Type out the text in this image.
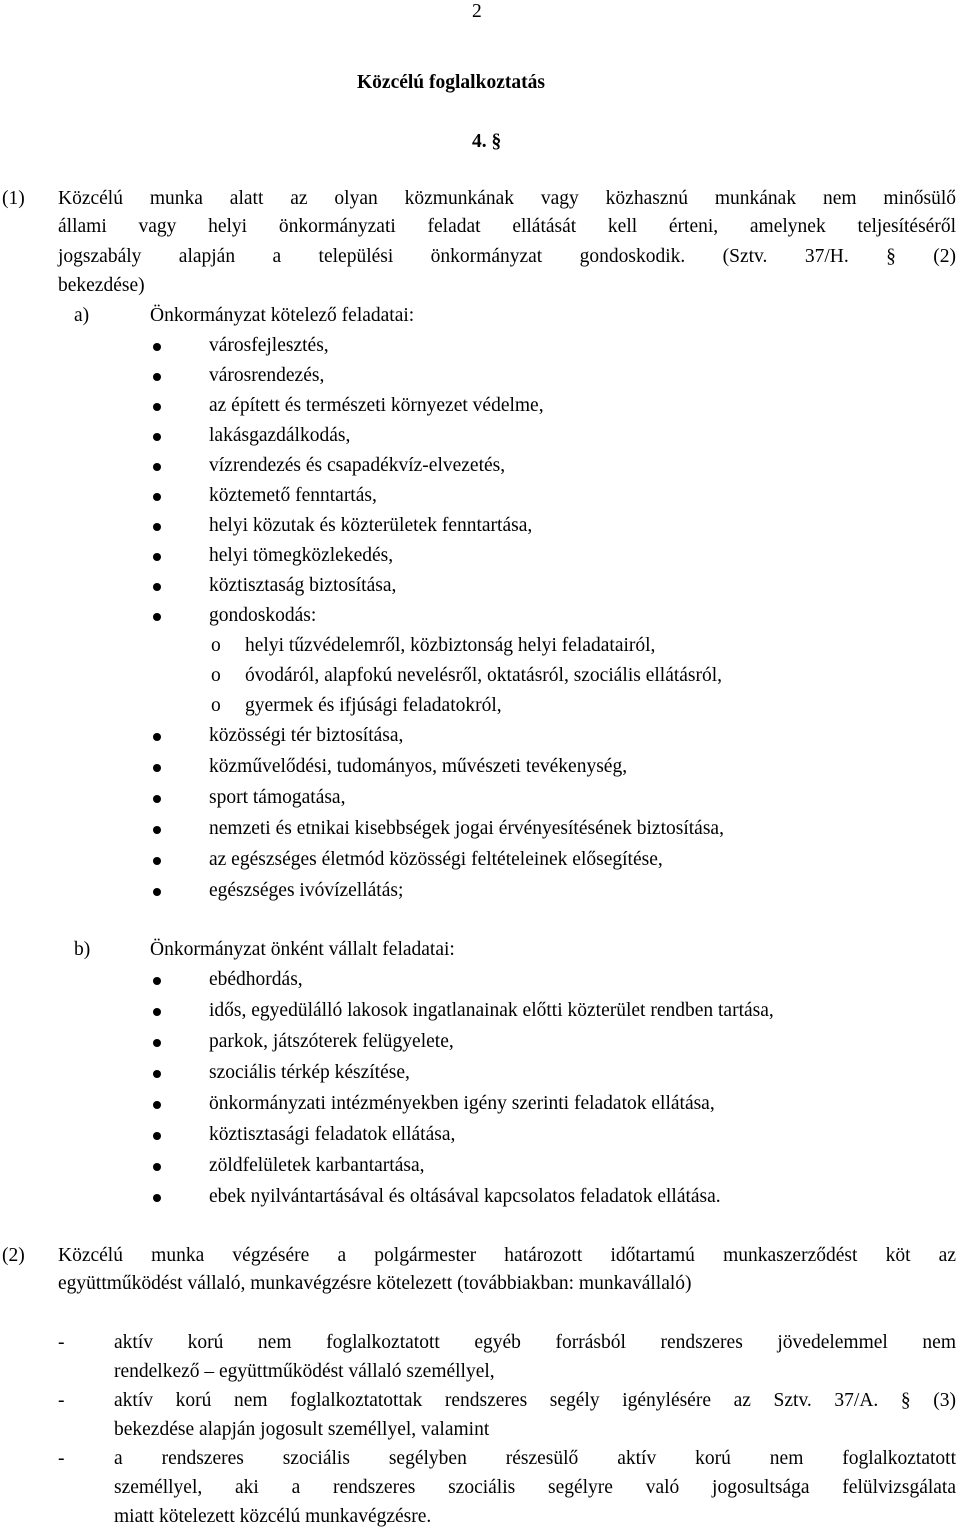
2
Közcélú foglalkoztatás
4. §
(1) Közcélú munka alatt az olyan közmunkának vagy közhasznú munkának nem minősülő
állami vagy helyi önkormányzati feladat ellátását kell érteni, amelynek teljesítéséről
jogszabály alapján a települési önkormányzat gondoskodik. (Sztv. 37/H. § (2)
bekezdése)
a)	Önkormányzat kötelező feladatai:
városfejlesztés,
városrendezés,
az épített és természeti környezet védelme,
lakásgazdálkodás,
vízrendezés és csapadékvíz-elvezetés,
köztemető fenntartás,
helyi közutak és közterületek fenntartása,
helyi tömegközlekedés,
köztisztaság biztosítása,
gondoskodás:
o helyi tűzvédelemről, közbiztonság helyi feladatairól,
o óvodáról, alapfokú nevelésről, oktatásról, szociális ellátásról,
o gyermek és ifjúsági feladatokról,
közösségi tér biztosítása,
közművelődési, tudományos, művészeti tevékenység,
sport támogatása,
nemzeti és etnikai kisebbségek jogai érvényesítésének biztosítása,
az egészséges életmód közösségi feltételeinek elősegítése,
egészséges ivóvízellátás;
b)	Önkormányzat önként vállalt feladatai:
ebédhordás,
idős, egyedülálló lakosok ingatlanainak előtti közterület rendben tartása,
parkok, játszóterek felügyelete,
szociális térkép készítése,
önkormányzati intézményekben igény szerinti feladatok ellátása,
köztisztasági feladatok ellátása,
zöldfelületek karbantartása,
ebek nyilvántartásával és oltásával kapcsolatos feladatok ellátása.
(2) Közcélú munka végzésére a polgármester határozott időtartamú munkaszerződést köt az
együttműködést vállaló, munkavégzésre kötelezett (továbbiakban: munkavállaló)
-	aktív korú nem foglalkoztatott egyéb forrásból rendszeres jövedelemmel nem
rendelkező – együttműködést vállaló személlyel,
-	aktív korú nem foglalkoztatottak rendszeres segély igénylésére az Sztv. 37/A. § (3)
bekezdése alapján jogosult személlyel, valamint
-	a rendszeres szociális segélyben részesülő aktív korú nem foglalkoztatott
személlyel, aki a rendszeres szociális segélyre való jogosultsága felülvizsgálata
miatt kötelezett közcélú munkavégzésre.
